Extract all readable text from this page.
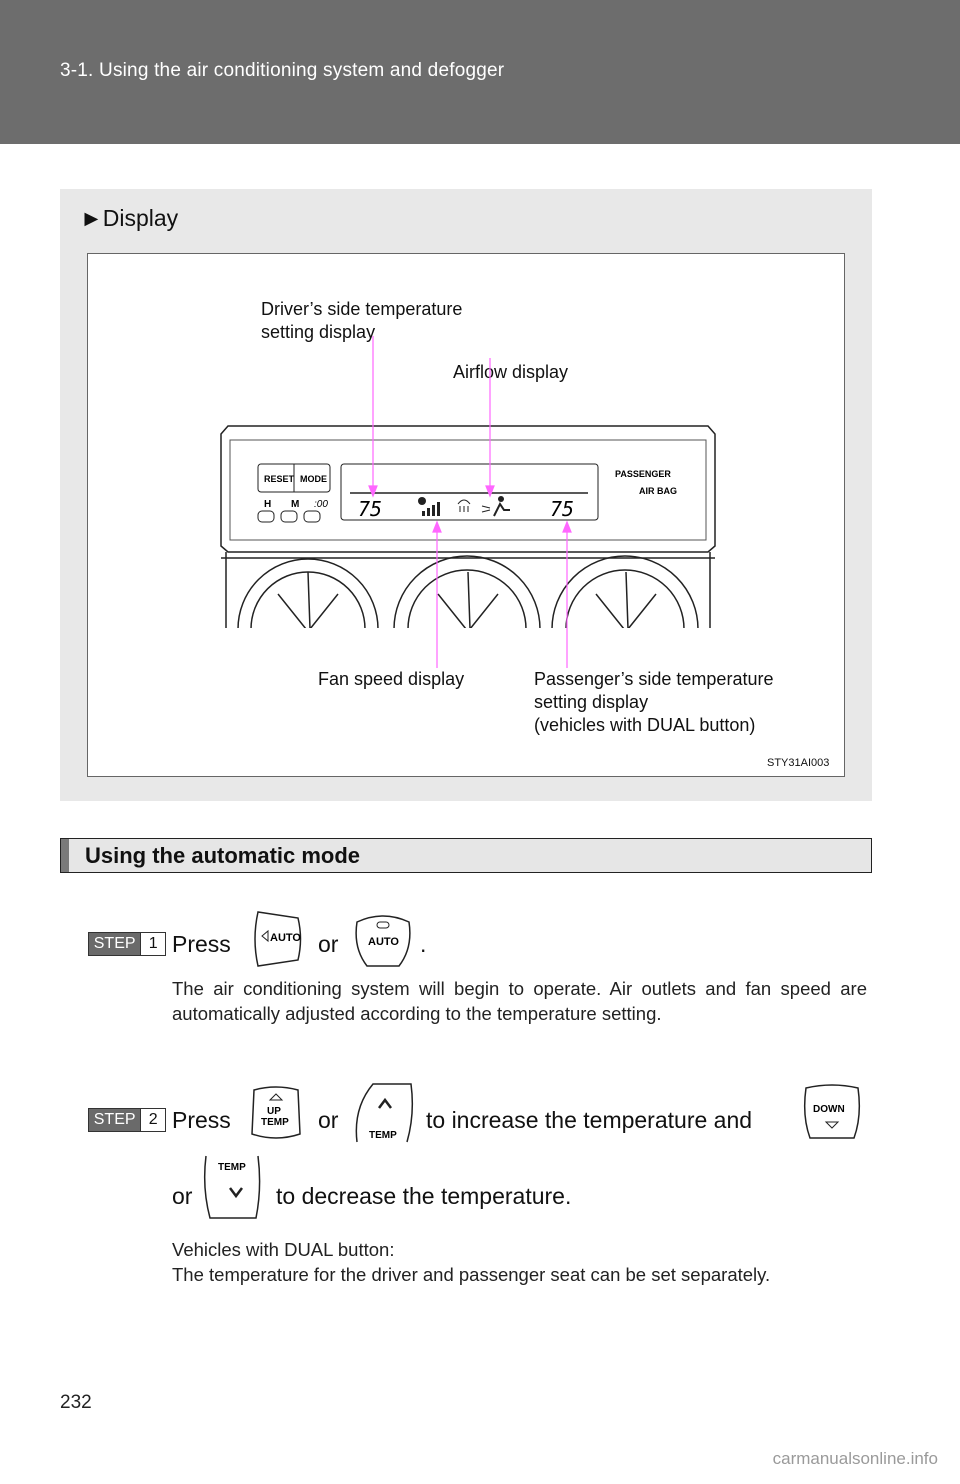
3-1. Using the air conditioning system and defogger
►Display
Driver’s side temperature
setting display
Airflow display
Fan speed display	Passenger’s side temperature
setting display
(vehicles with DUAL button)
RESET MODE
H M :00 75	75
PASSENGER
AIR BAG
STY31AI003
Using the automatic mode
STEP 1 Press	AUTO or	AUTO .
The air conditioning system will begin to operate. Air outlets and fan speed are automatically adjusted according to the temperature setting.
STEP 2 Press	UP
TEMP or
TEMP
to increase the temperature and	DOWN
or
TEMP
to decrease the temperature.
Vehicles with DUAL button:
The temperature for the driver and passenger seat can be set separately.
232
carmanualsonline.info
